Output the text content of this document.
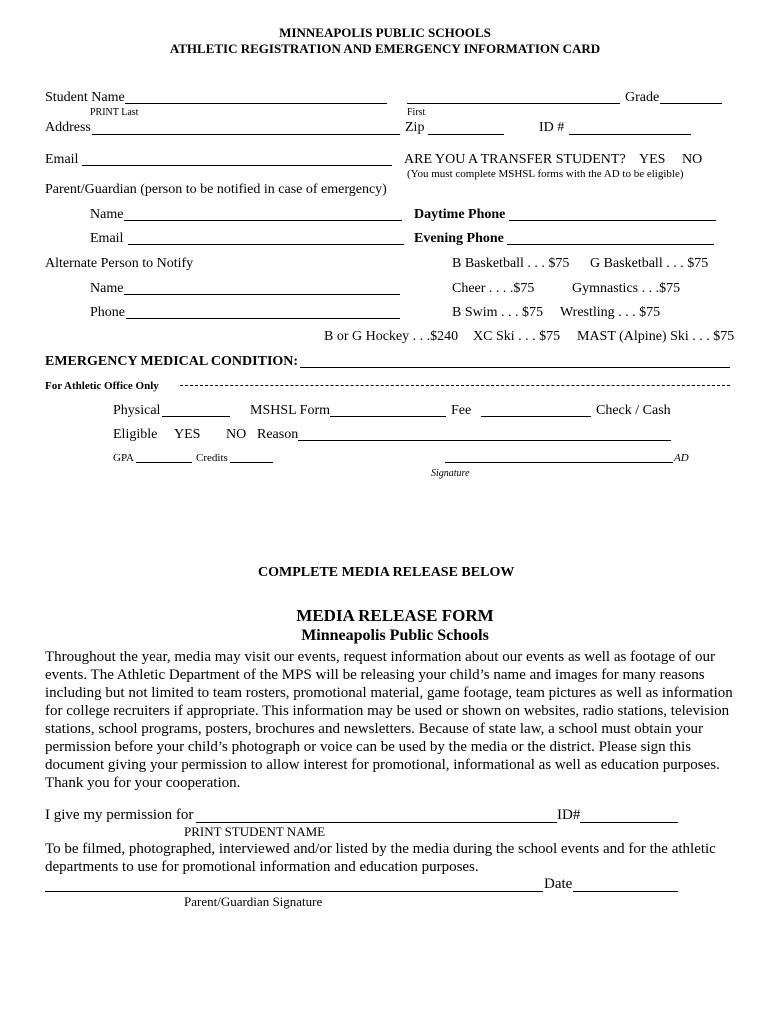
MINNEAPOLIS PUBLIC SCHOOLS
ATHLETIC REGISTRATION AND EMERGENCY INFORMATION CARD
Student Name	Grade
PRINT Last	First
Address	Zip	ID #
Email	ARE YOU A TRANSFER STUDENT? YES NO
(You must complete MSHSL forms with the AD to be eligible)
Parent/Guardian (person to be notified in case of emergency)
Name	Daytime Phone
Email	Evening Phone
Alternate Person to Notify	B Basketball . . . $75 G Basketball . . . $75
Name	Cheer . . . .$75	Gymnastics . . .$75
Phone	B Swim . . . $75 Wrestling . . . $75
B or G Hockey . . .$240 XC Ski . . . $75 MAST (Alpine) Ski . . . $75
EMERGENCY MEDICAL CONDITION:
For Athletic Office Only
Physical	MSHSL Form	Fee	Check / Cash
Eligible YES NO Reason
GPA	Credits	AD
Signature
COMPLETE MEDIA RELEASE BELOW
MEDIA RELEASE FORM
Minneapolis Public Schools
Throughout the year, media may visit our events, request information about our events as well as footage of our events. The Athletic Department of the MPS will be releasing your child’s name and images for many reasons including but not limited to team rosters, promotional material, game footage, team pictures as well as information for college recruiters if appropriate. This information may be used or shown on websites, radio stations, television stations, school programs, posters, brochures and newsletters. Because of state law, a school must obtain your permission before your child’s photograph or voice can be used by the media or the district. Please sign this document giving your permission to allow interest for promotional, informational as well as education purposes. Thank you for your cooperation.
I give my permission for	ID#
PRINT STUDENT NAME
To be filmed, photographed, interviewed and/or listed by the media during the school events and for the athletic
departments to use for promotional information and education purposes.
Date
Parent/Guardian Signature
